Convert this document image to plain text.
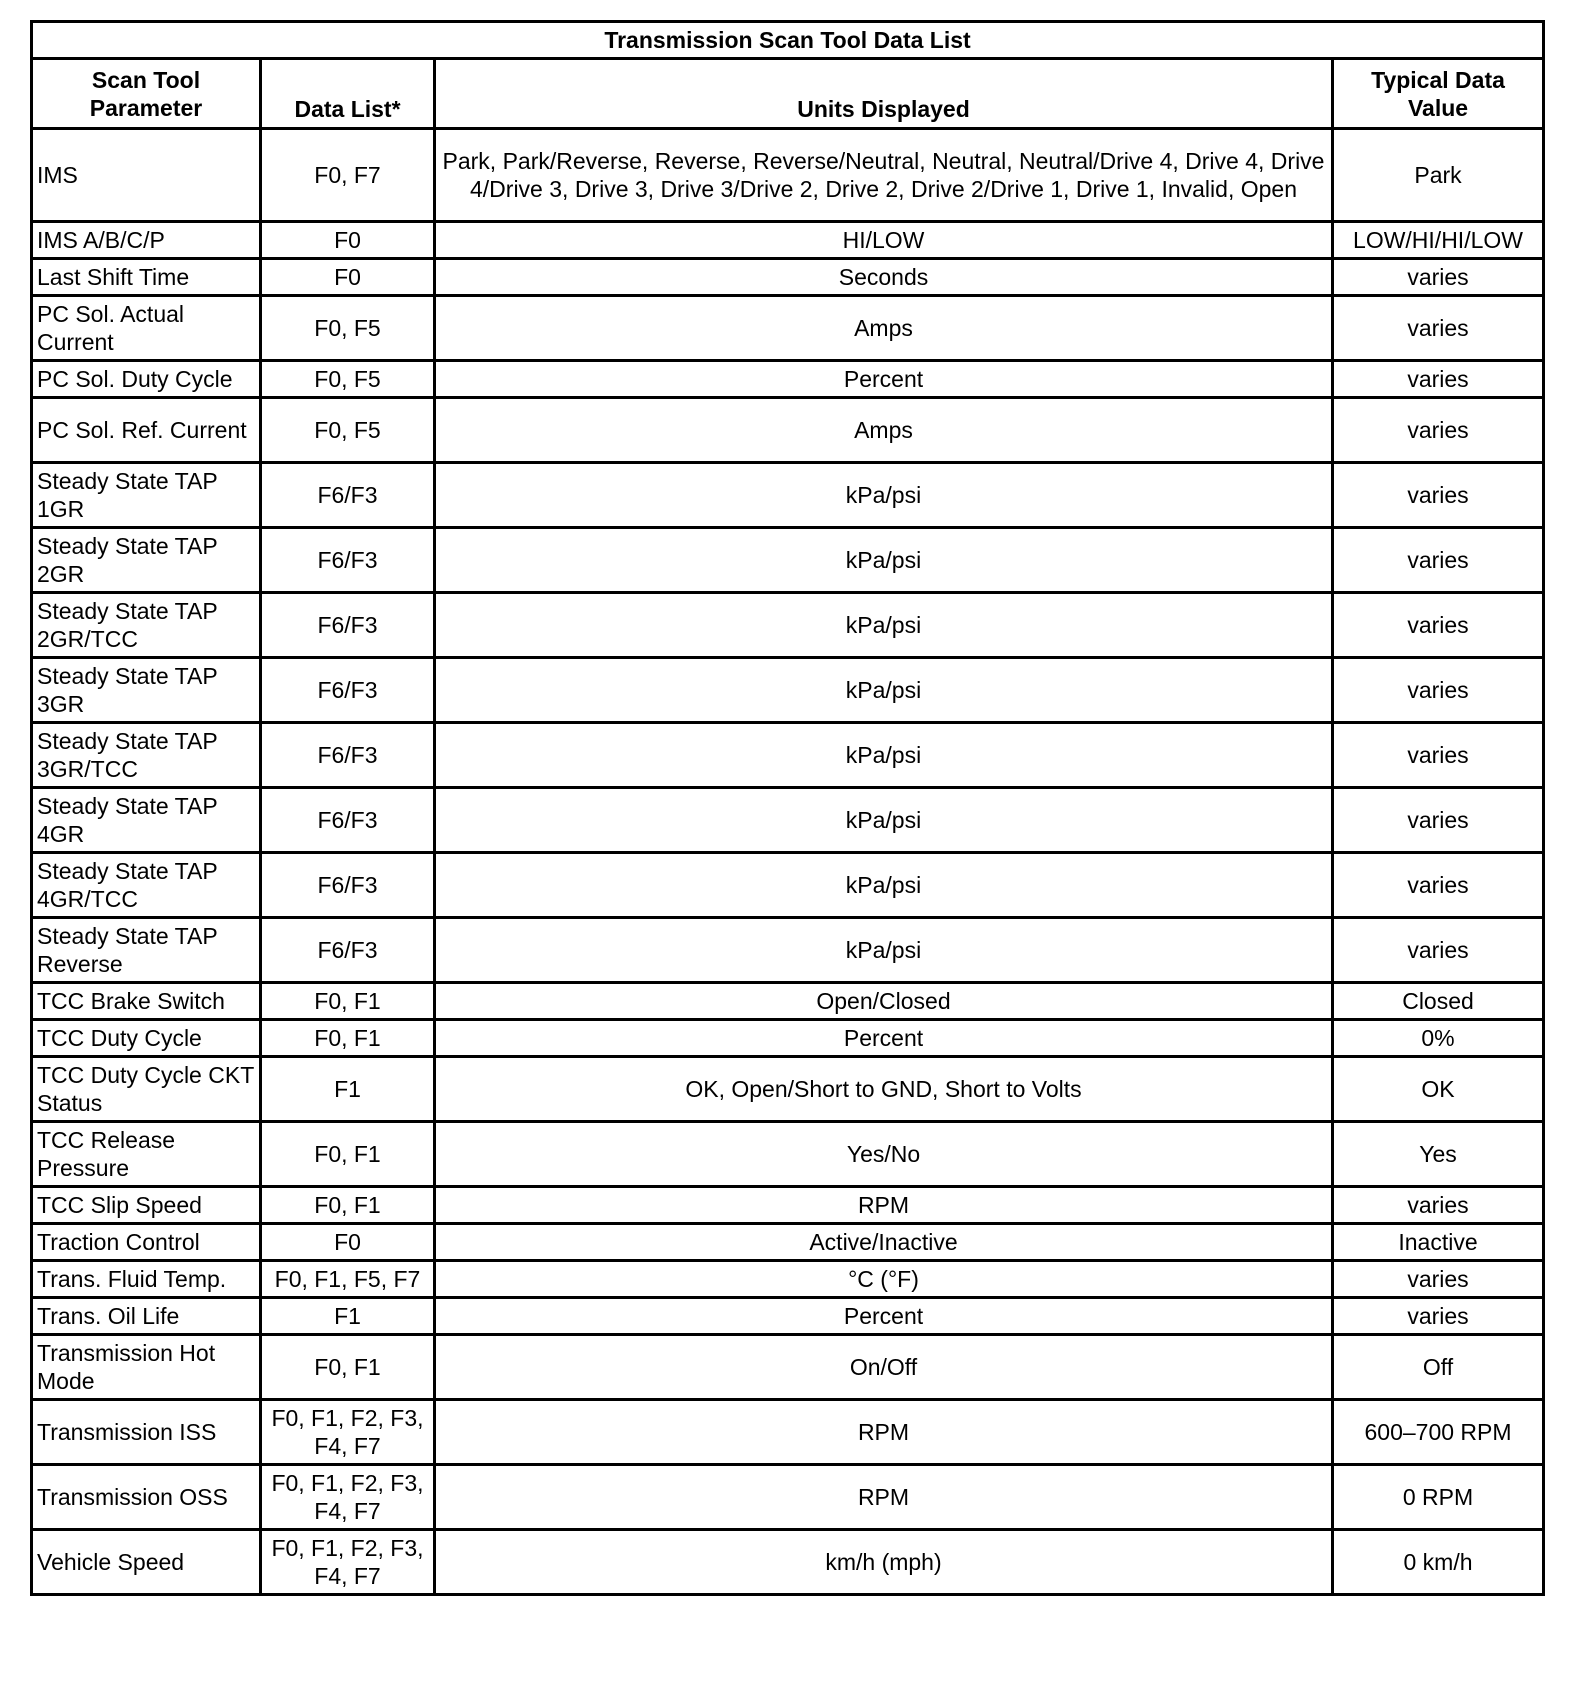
Transmission Scan Tool Data List			
Scan Tool Parameter	Data List*	Units Displayed	Typical Data Value
IMS	F0, F7	Park, Park/Reverse, Reverse, Reverse/Neutral, Neutral, Neutral/Drive 4, Drive 4, Drive 4/Drive 3, Drive 3, Drive 3/Drive 2, Drive 2, Drive 2/Drive 1, Drive 1, Invalid, Open	Park
IMS A/B/C/P	F0	HI/LOW	LOW/HI/HI/LOW
Last Shift Time	F0	Seconds	varies
PC Sol. Actual Current	F0, F5	Amps	varies
PC Sol. Duty Cycle	F0, F5	Percent	varies
PC Sol. Ref. Current	F0, F5	Amps	varies
Steady State TAP 1GR	F6/F3	kPa/psi	varies
Steady State TAP 2GR	F6/F3	kPa/psi	varies
Steady State TAP 2GR/TCC	F6/F3	kPa/psi	varies
Steady State TAP 3GR	F6/F3	kPa/psi	varies
Steady State TAP 3GR/TCC	F6/F3	kPa/psi	varies
Steady State TAP 4GR	F6/F3	kPa/psi	varies
Steady State TAP 4GR/TCC	F6/F3	kPa/psi	varies
Steady State TAP Reverse	F6/F3	kPa/psi	varies
TCC Brake Switch	F0, F1	Open/Closed	Closed
TCC Duty Cycle	F0, F1	Percent	0%
TCC Duty Cycle CKT Status	F1	OK, Open/Short to GND, Short to Volts	OK
TCC Release Pressure	F0, F1	Yes/No	Yes
TCC Slip Speed	F0, F1	RPM	varies
Traction Control	F0	Active/Inactive	Inactive
Trans. Fluid Temp.	F0, F1, F5, F7	°C (°F)	varies
Trans. Oil Life	F1	Percent	varies
Transmission Hot Mode	F0, F1	On/Off	Off
Transmission ISS	F0, F1, F2, F3, F4, F7	RPM	600–700 RPM
Transmission OSS	F0, F1, F2, F3, F4, F7	RPM	0 RPM
Vehicle Speed	F0, F1, F2, F3, F4, F7	km/h (mph)	0 km/h
